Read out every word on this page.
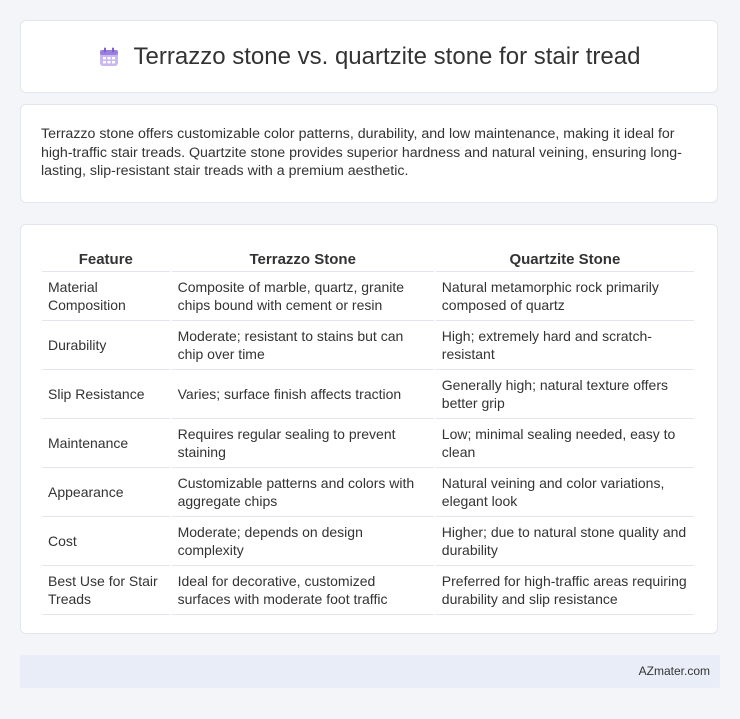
Terrazzo stone vs. quartzite stone for stair tread

Terrazzo stone offers customizable color patterns, durability, and low maintenance, making it ideal for high-traffic stair treads. Quartzite stone provides superior hardness and natural veining, ensuring long-lasting, slip-resistant stair treads with a premium aesthetic.

Feature	Terrazzo Stone	Quartzite Stone
Material Composition	Composite of marble, quartz, granite chips bound with cement or resin	Natural metamorphic rock primarily composed of quartz
Durability	Moderate; resistant to stains but can chip over time	High; extremely hard and scratch-resistant
Slip Resistance	Varies; surface finish affects traction	Generally high; natural texture offers better grip
Maintenance	Requires regular sealing to prevent staining	Low; minimal sealing needed, easy to clean
Appearance	Customizable patterns and colors with aggregate chips	Natural veining and color variations, elegant look
Cost	Moderate; depends on design complexity	Higher; due to natural stone quality and durability
Best Use for Stair Treads	Ideal for decorative, customized surfaces with moderate foot traffic	Preferred for high-traffic areas requiring durability and slip resistance
AZmater.com
